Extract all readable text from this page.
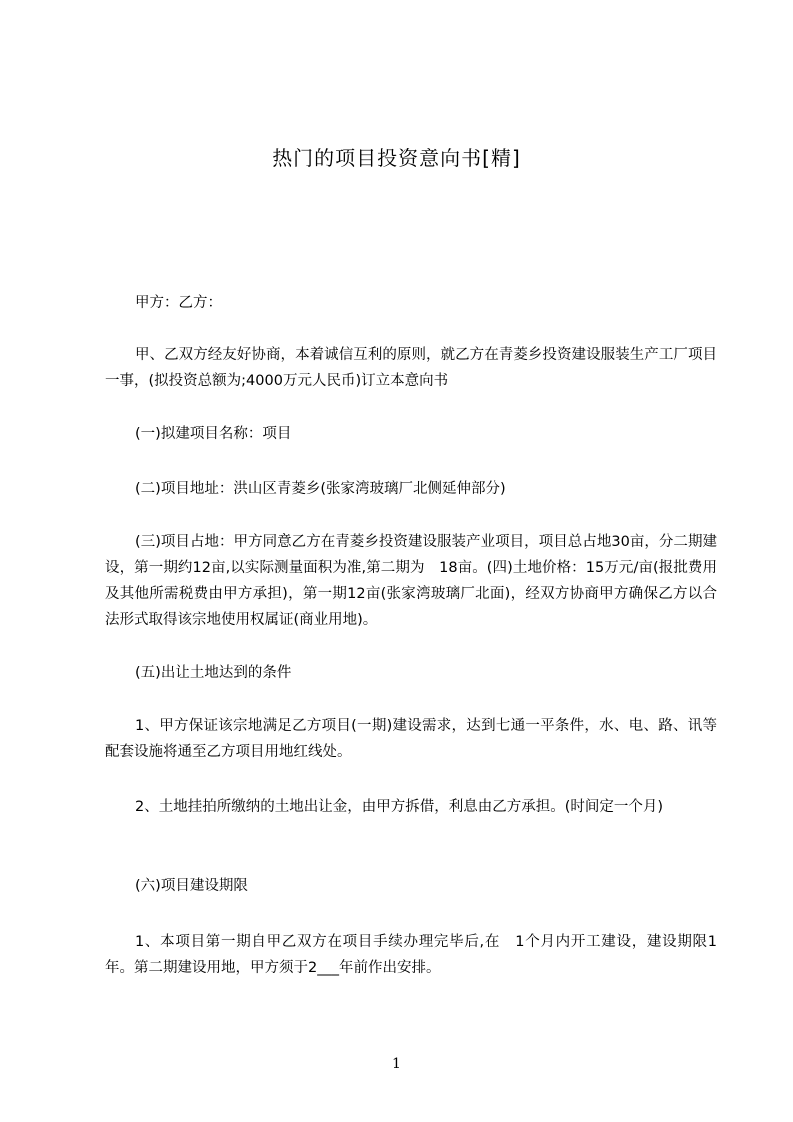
热门的项目投资意向书[精]
甲方：乙方：
甲、乙双方经友好协商，本着诚信互利的原则，就乙方在青菱乡投资建设服装生产工厂项目一事，(拟投资总额为;4000万元人民币)订立本意向书
(一)拟建项目名称：项目
(二)项目地址：洪山区青菱乡(张家湾玻璃厂北侧延伸部分)
(三)项目占地：甲方同意乙方在青菱乡投资建设服装产业项目，项目总占地30亩，分二期建设，第一期约12亩,以实际测量面积为准,第二期为　18亩。(四)土地价格：15万元/亩(报批费用及其他所需税费由甲方承担)，第一期12亩(张家湾玻璃厂北面)，经双方协商甲方确保乙方以合法形式取得该宗地使用权属证(商业用地)。
(五)出让土地达到的条件
1、甲方保证该宗地满足乙方项目(一期)建设需求，达到七通一平条件，水、电、路、讯等配套设施将通至乙方项目用地红线处。
2、土地挂拍所缴纳的土地出让金，由甲方拆借，利息由乙方承担。(时间定一个月)
(六)项目建设期限
1、本项目第一期自甲乙双方在项目手续办理完毕后,在　1个月内开工建设，建设期限1年。第二期建设用地，甲方须于2___年前作出安排。
1
